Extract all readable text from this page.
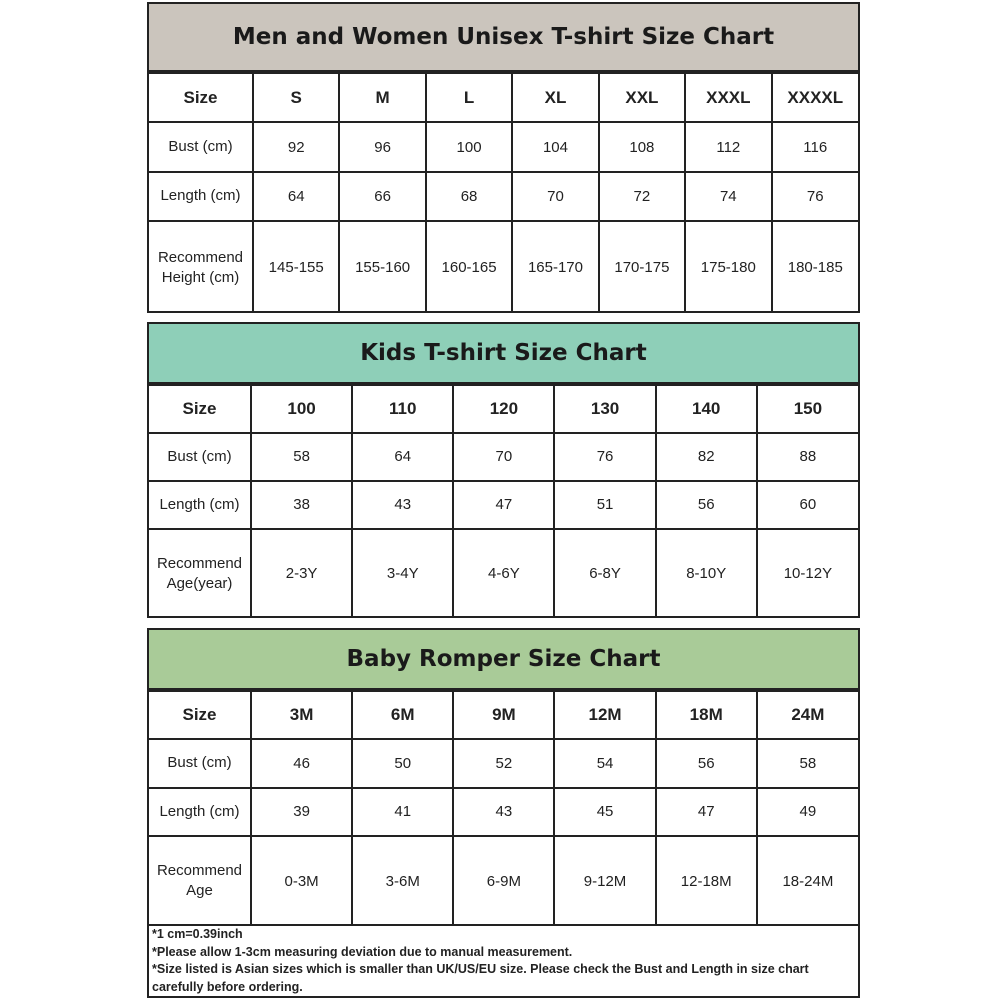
Men and Women Unisex T-shirt Size Chart
Size	S	M	L	XL	XXL	XXXL	XXXXL
Bust (cm)	92	96	100	104	108	112	116
Length (cm)	64	66	68	70	72	74	76
Recommend Height (cm)	145-155	155-160	160-165	165-170	170-175	175-180	180-185
Kids T-shirt Size Chart
Size	100	110	120	130	140	150
Bust (cm)	58	64	70	76	82	88
Length (cm)	38	43	47	51	56	60
Recommend Age(year)	2-3Y	3-4Y	4-6Y	6-8Y	8-10Y	10-12Y
Baby Romper Size Chart
Size	3M	6M	9M	12M	18M	24M
Bust (cm)	46	50	52	54	56	58
Length (cm)	39	41	43	45	47	49
Recommend Age	0-3M	3-6M	6-9M	9-12M	12-18M	18-24M
*1 cm=0.39inch
*Please allow 1-3cm measuring deviation due to manual measurement.
*Size listed is Asian sizes which is smaller than UK/US/EU size. Please check the Bust and Length in size chart
carefully before ordering.
